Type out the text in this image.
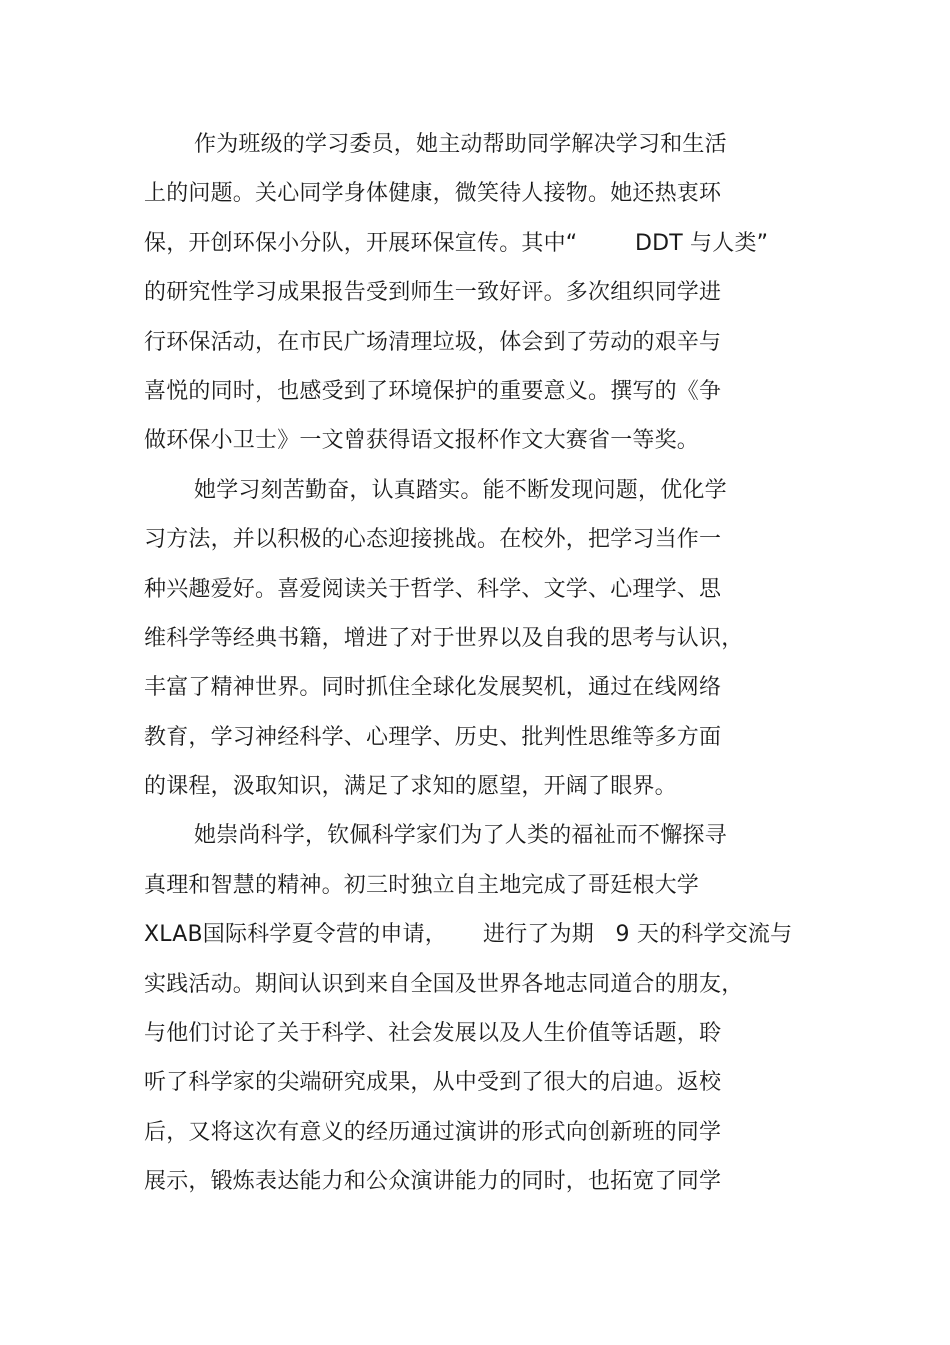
作为班级的学习委员，她主动帮助同学解决学习和生活
上的问题。关心同学身体健康，微笑待人接物。她还热衷环
保，开创环保小分队，开展环保宣传。其中“        DDT 与人类”
的研究性学习成果报告受到师生一致好评。多次组织同学进
行环保活动，在市民广场清理垃圾，体会到了劳动的艰辛与
喜悦的同时，也感受到了环境保护的重要意义。撰写的《争
做环保小卫士》一文曾获得语文报杯作文大赛省一等奖。
她学习刻苦勤奋，认真踏实。能不断发现问题，优化学
习方法，并以积极的心态迎接挑战。在校外，把学习当作一
种兴趣爱好。喜爱阅读关于哲学、科学、文学、心理学、思
维科学等经典书籍，增进了对于世界以及自我的思考与认识，
丰富了精神世界。同时抓住全球化发展契机，通过在线网络
教育，学习神经科学、心理学、历史、批判性思维等多方面
的课程，汲取知识，满足了求知的愿望，开阔了眼界。
她崇尚科学，钦佩科学家们为了人类的福祉而不懈探寻
真理和智慧的精神。初三时独立自主地完成了哥廷根大学
XLAB国际科学夏令营的申请，     进行了为期   9 天的科学交流与
实践活动。期间认识到来自全国及世界各地志同道合的朋友，
与他们讨论了关于科学、社会发展以及人生价值等话题，聆
听了科学家的尖端研究成果，从中受到了很大的启迪。返校
后，又将这次有意义的经历通过演讲的形式向创新班的同学
展示，锻炼表达能力和公众演讲能力的同时，也拓宽了同学
